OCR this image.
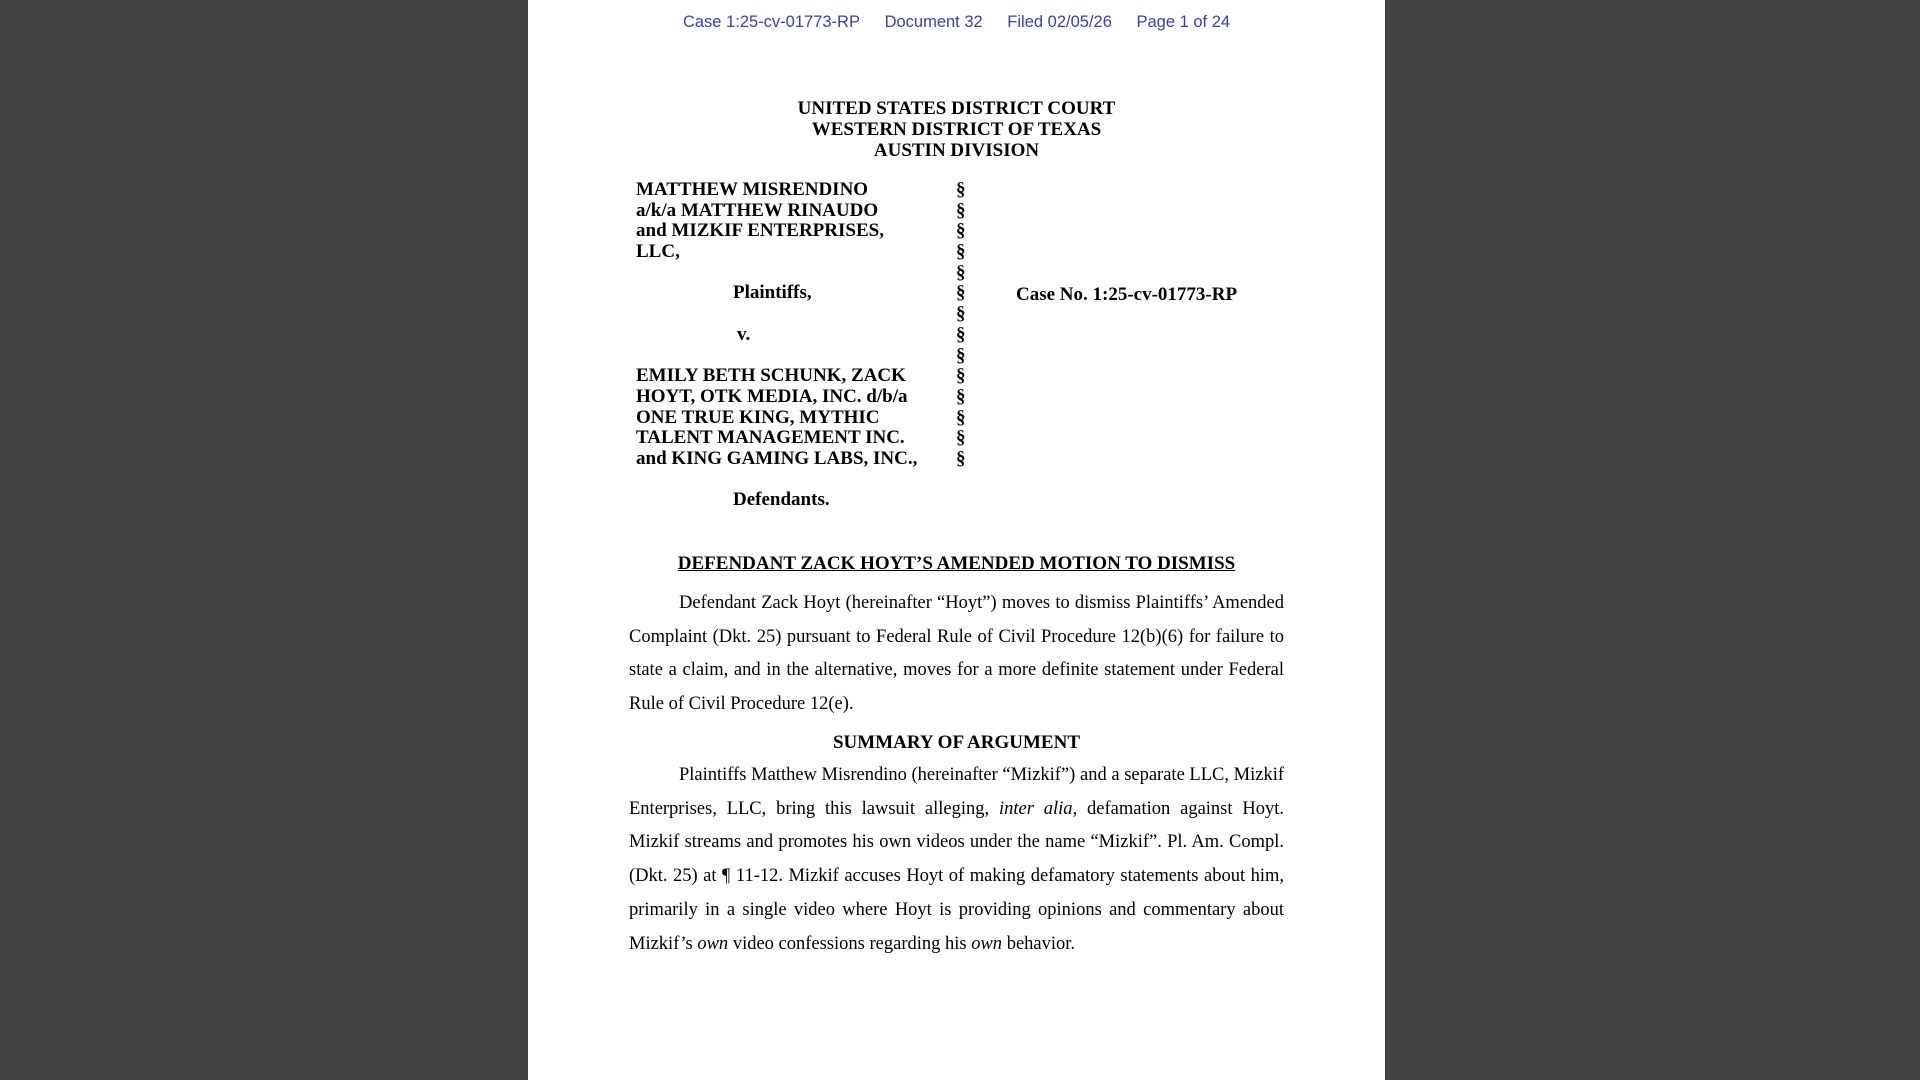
Case 1:25-cv-01773-RP Document 32 Filed 02/05/26 Page 1 of 24
UNITED STATES DISTRICT COURT
WESTERN DISTRICT OF TEXAS
AUSTIN DIVISION
MATTHEW MISRENDINO
a/k/a MATTHEW RINAUDO
and MIZKIF ENTERPRISES,
LLC,
Plaintiffs,
v.
EMILY BETH SCHUNK, ZACK
HOYT, OTK MEDIA, INC. d/b/a
ONE TRUE KING, MYTHIC
TALENT MANAGEMENT INC.
and KING GAMING LABS, INC.,
Defendants.
§
§
§
§
§
§
§
§
§
§
§
§
§
§
Case No. 1:25-cv-01773-RP
DEFENDANT ZACK HOYT’S AMENDED MOTION TO DISMISS
Defendant Zack Hoyt (hereinafter “Hoyt”) moves to dismiss Plaintiffs’ Amended Complaint (Dkt. 25) pursuant to Federal Rule of Civil Procedure 12(b)(6) for failure to state a claim, and in the alternative, moves for a more definite statement under Federal Rule of Civil Procedure 12(e).
SUMMARY OF ARGUMENT
Plaintiffs Matthew Misrendino (hereinafter “Mizkif”) and a separate LLC, Mizkif Enterprises, LLC, bring this lawsuit alleging, inter alia, defamation against Hoyt. Mizkif streams and promotes his own videos under the name “Mizkif”. Pl. Am. Compl. (Dkt. 25) at ¶ 11-12. Mizkif accuses Hoyt of making defamatory statements about him, primarily in a single video where Hoyt is providing opinions and commentary about Mizkif’s own video confessions regarding his own behavior.
